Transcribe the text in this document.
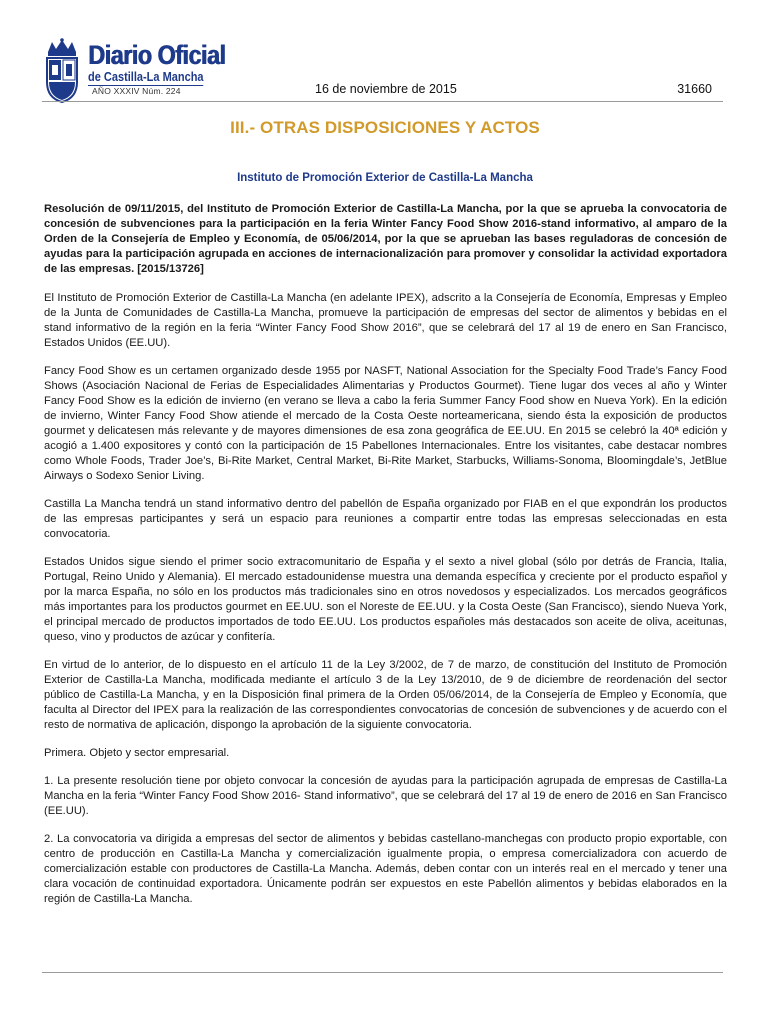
Diario Oficial
de Castilla-La Mancha
AÑO XXXIV Núm. 224	16 de noviembre de 2015	31660
III.- OTRAS DISPOSICIONES Y ACTOS
Instituto de Promoción Exterior de Castilla-La Mancha

Resolución de 09/11/2015, del Instituto de Promoción Exterior de Castilla-La Mancha, por la que se aprueba la convocatoria de concesión de subvenciones para la participación en la feria Winter Fancy Food Show 2016-stand informativo, al amparo de la Orden de la Consejería de Empleo y Economía, de 05/06/2014, por la que se aprueban las bases reguladoras de concesión de ayudas para la participación agrupada en acciones de internacionalización para promover y consolidar la actividad exportadora de las empresas. [2015/13726]

El Instituto de Promoción Exterior de Castilla-La Mancha (en adelante IPEX), adscrito a la Consejería de Economía, Empresas y Empleo de la Junta de Comunidades de Castilla-La Mancha, promueve la participación de empresas del sector de alimentos y bebidas en el stand informativo de la región en la feria “Winter Fancy Food Show 2016”, que se celebrará del 17 al 19 de enero en San Francisco, Estados Unidos (EE.UU).

Fancy Food Show es un certamen organizado desde 1955 por NASFT, National Association for the Specialty Food Trade’s Fancy Food Shows (Asociación Nacional de Ferias de Especialidades Alimentarias y Productos Gourmet). Tiene lugar dos veces al año y Winter Fancy Food Show es la edición de invierno (en verano se lleva a cabo la feria Summer Fancy Food show en Nueva York). En la edición de invierno, Winter Fancy Food Show atiende el mercado de la Costa Oeste norteamericana, siendo ésta la exposición de productos gourmet y delicatesen más relevante y de mayores dimensiones de esa zona geográfica de EE.UU. En 2015 se celebró la 40ª edición y acogió a 1.400 expositores y contó con la participación de 15 Pabellones Internacionales. Entre los visitantes, cabe destacar nombres como Whole Foods, Trader Joe’s, Bi-Rite Market, Central Market, Bi-Rite Market, Starbucks, Williams-Sonoma, Bloomingdale’s, JetBlue Airways o Sodexo Senior Living.

Castilla La Mancha tendrá un stand informativo dentro del pabellón de España organizado por FIAB en el que expondrán los productos de las empresas participantes y será un espacio para reuniones a compartir entre todas las empresas seleccionadas en esta convocatoria.

Estados Unidos sigue siendo el primer socio extracomunitario de España y el sexto a nivel global (sólo por detrás de Francia, Italia, Portugal, Reino Unido y Alemania). El mercado estadounidense muestra una demanda específica y creciente por el producto español y por la marca España, no sólo en los productos más tradicionales sino en otros novedosos y especializados. Los mercados geográficos más importantes para los productos gourmet en EE.UU. son el Noreste de EE.UU. y la Costa Oeste (San Francisco), siendo Nueva York, el principal mercado de productos importados de todo EE.UU. Los productos españoles más destacados son aceite de oliva, aceitunas, queso, vino y productos de azúcar y confitería.

En virtud de lo anterior, de lo dispuesto en el artículo 11 de la Ley 3/2002, de 7 de marzo, de constitución del Instituto de Promoción Exterior de Castilla-La Mancha, modificada mediante el artículo 3 de la Ley 13/2010, de 9 de diciembre de reordenación del sector público de Castilla-La Mancha, y en la Disposición final primera de la Orden 05/06/2014, de la Consejería de Empleo y Economía, que faculta al Director del IPEX para la realización de las correspondientes convocatorias de concesión de subvenciones y de acuerdo con el resto de normativa de aplicación, dispongo la aprobación de la siguiente convocatoria.

Primera. Objeto y sector empresarial.

1. La presente resolución tiene por objeto convocar la concesión de ayudas para la participación agrupada de empresas de Castilla-La Mancha en la feria “Winter Fancy Food Show 2016- Stand informativo”, que se celebrará del 17 al 19 de enero de 2016 en San Francisco (EE.UU).

2. La convocatoria va dirigida a empresas del sector de alimentos y bebidas castellano-manchegas con producto propio exportable, con centro de producción en Castilla-La Mancha y comercialización igualmente propia, o empresa comercializadora con acuerdo de comercialización estable con productores de Castilla-La Mancha. Además, deben contar con un interés real en el mercado y tener una clara vocación de continuidad exportadora. Únicamente podrán ser expuestos en este Pabellón alimentos y bebidas elaborados en la región de Castilla-La Mancha.
